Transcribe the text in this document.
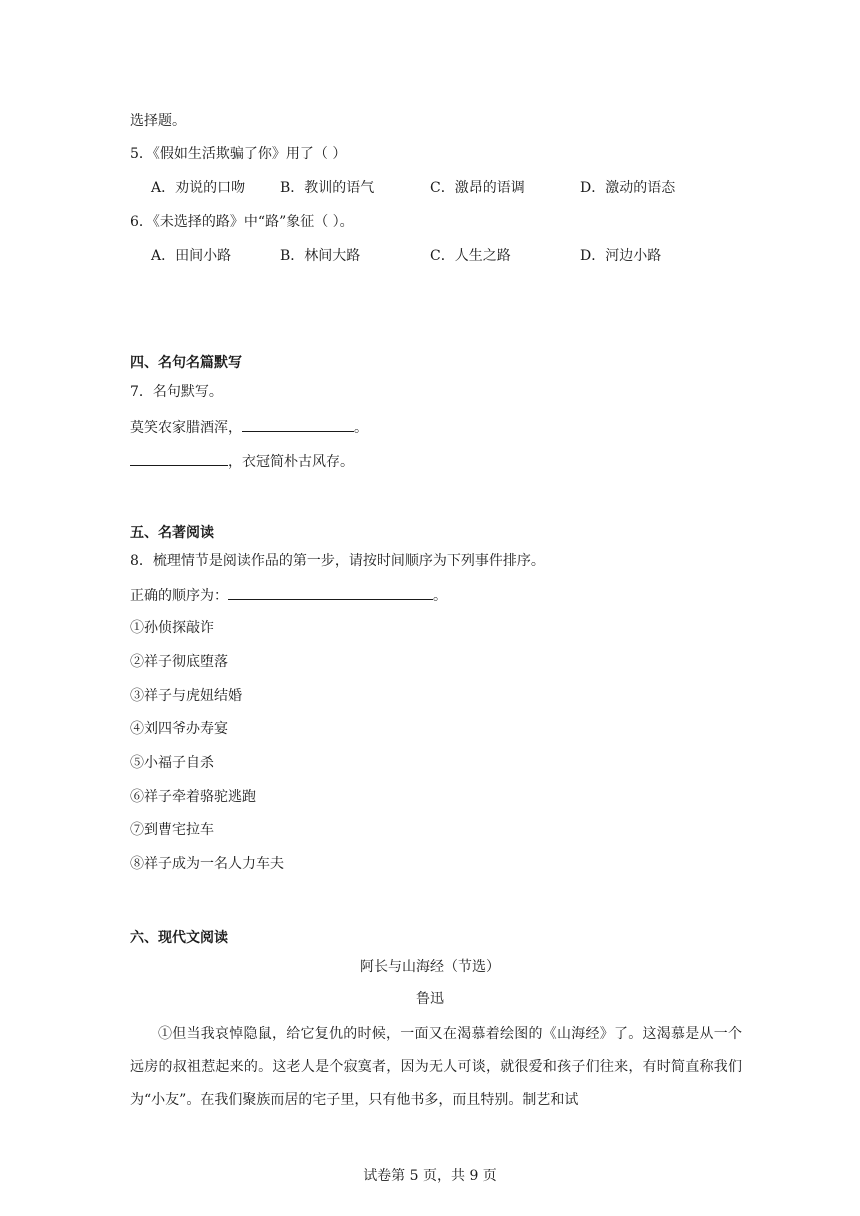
选择题。
5．《假如生活欺骗了你》用了（ ）
A．劝说的口吻 B．教训的语气	C．激昂的语调	D．激动的语态
6．《未选择的路》中“路”象征（ ）。
A．田间小路	B．林间大路	C．人生之路	D．河边小路
四、名句名篇默写
7．名句默写。
莫笑农家腊酒浑，	。
，衣冠简朴古风存。
五、名著阅读
8．梳理情节是阅读作品的第一步，请按时间顺序为下列事件排序。
正确的顺序为：	。
①孙侦探敲诈
②祥子彻底堕落
③祥子与虎妞结婚
④刘四爷办寿宴
⑤小福子自杀
⑥祥子牵着骆驼逃跑
⑦到曹宅拉车
⑧祥子成为一名人力车夫
六、现代文阅读
阿长与山海经（节选）
鲁迅
①但当我哀悼隐鼠，给它复仇的时候，一面又在渴慕着绘图的《山海经》了。这渴慕是从一个远房的叔祖惹起来的。这老人是个寂寞者，因为无人可谈，就很爱和孩子们往来，有时简直称我们为“小友”。在我们聚族而居的宅子里，只有他书多，而且特别。制艺和试
试卷第 5 页，共 9 页
